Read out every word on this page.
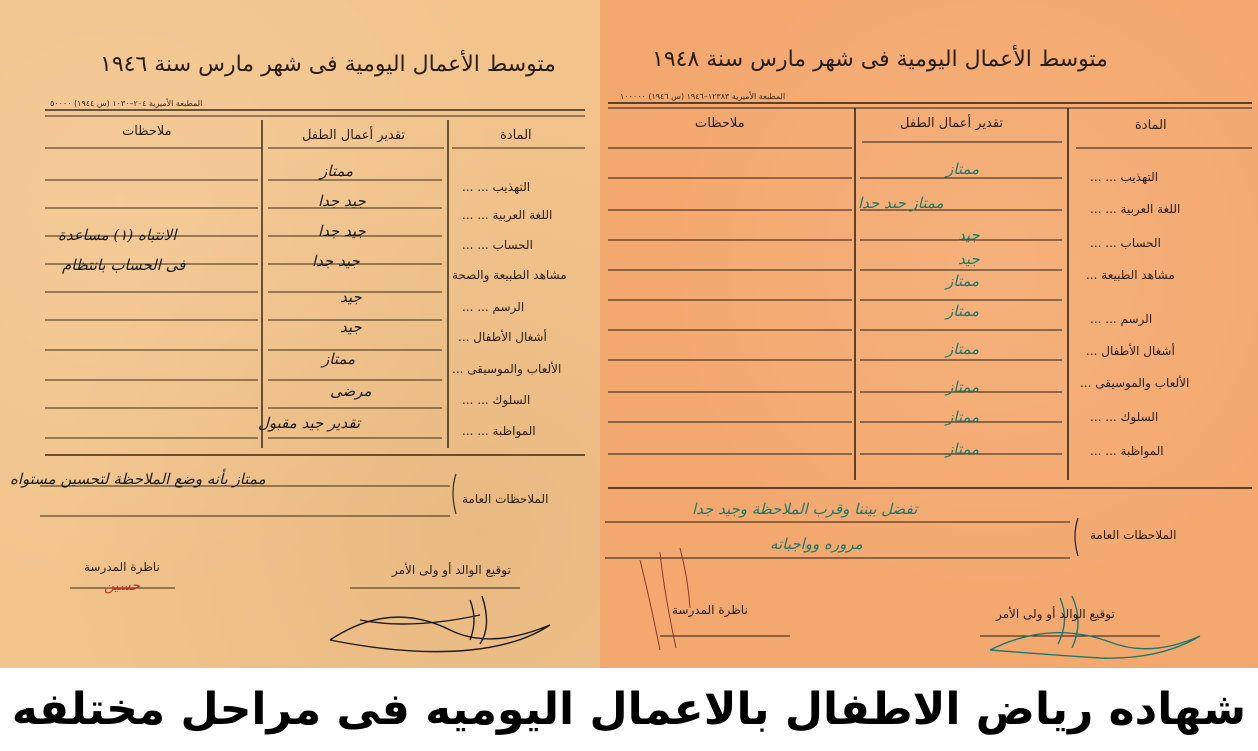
متوسط الأعمال اليومية فى شهر مارس سنة ١٩٤٦
المطبعة الأميرية ٢٠٤–١٠٣٠ (س ١٩٤٤) ٥٠٠٠٠
المادة
تقدير أعمال الطفل
ملاحظات
التهذيب ... ...
اللغة العربية ... ...
الحساب ... ...
مشاهد الطبيعة والصحة
الرسم ... ...
أشغال الأطفال ...
الألعاب والموسيقى ...
السلوك ... ...
المواظبة ... ...
ممتاز
جيد جدا
جيد جدا
جيد جدا
جيد
جيد
ممتاز
مرضى
تقدير جيد مقبول
الانتباه (١) مساعدة
فى الحساب بانتظام
الملاحظات العامة
ممتاز بأنه وضع الملاحظة لتحسين مستواه
توقيع الوالد أو ولى الأمر
ناظرة المدرسة
حسين
متوسط الأعمال اليومية فى شهر مارس سنة ١٩٤٨
المطبعة الأميرية ١٢٣٨٣–١٩٤٦ (س ١٩٤٦) ١٠٠٠٠٠
المادة
تقدير أعمال الطفل
ملاحظات
التهذيب ... ...
اللغة العربية ... ...
الحساب ... ...
مشاهد الطبيعة ...
الرسم ... ...
أشغال الأطفال ...
الألعاب والموسيقى ...
السلوك ... ...
المواظبة ... ...
ممتاز
ممتاز جيد جدا
جيد
جيد
ممتاز
ممتاز
ممتاز
ممتاز
ممتاز
ممتاز
الملاحظات العامة
تفضل بيننا وقرب الملاحظة وجيد جدا
مروره وواجباته
توقيع الوالد أو ولى الأمر
ناظرة المدرسة
شهاده رياض الاطفال بالاعمال اليوميه فى مراحل مختلفه
